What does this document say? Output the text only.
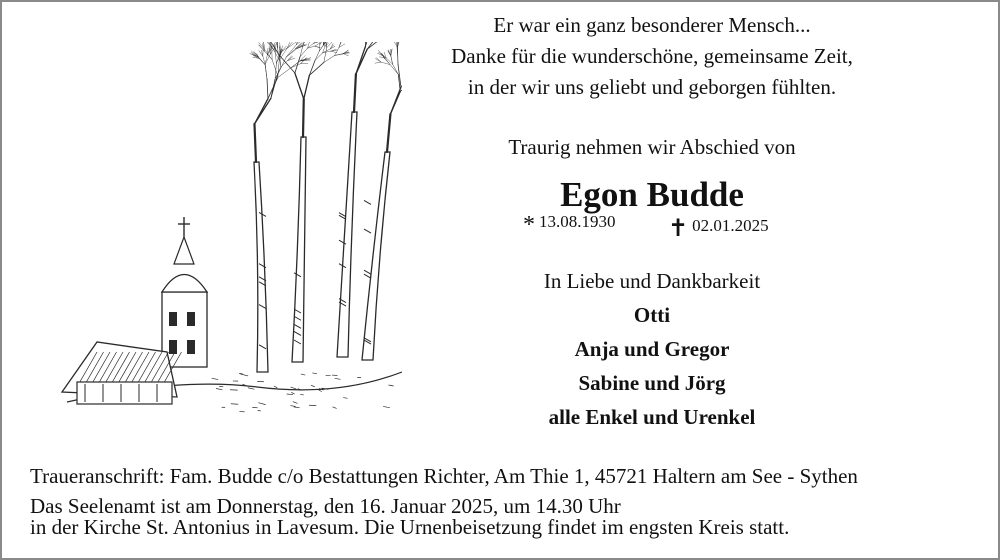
Er war ein ganz besonderer Mensch...
Danke für die wunderschöne, gemeinsame Zeit,
in der wir uns geliebt und geborgen fühlten.
Traurig nehmen wir Abschied von
Egon Budde
* 13.08.1930 ✝ 02.01.2025
In Liebe und Dankbarkeit
Otti
Anja und Gregor
Sabine und Jörg
alle Enkel und Urenkel
Traueranschrift: Fam. Budde c/o Bestattungen Richter, Am Thie 1, 45721 Haltern am See - Sythen
Das Seelenamt ist am Donnerstag, den 16. Januar 2025, um 14.30 Uhr
in der Kirche St. Antonius in Lavesum. Die Urnenbeisetzung findet im engsten Kreis statt.
